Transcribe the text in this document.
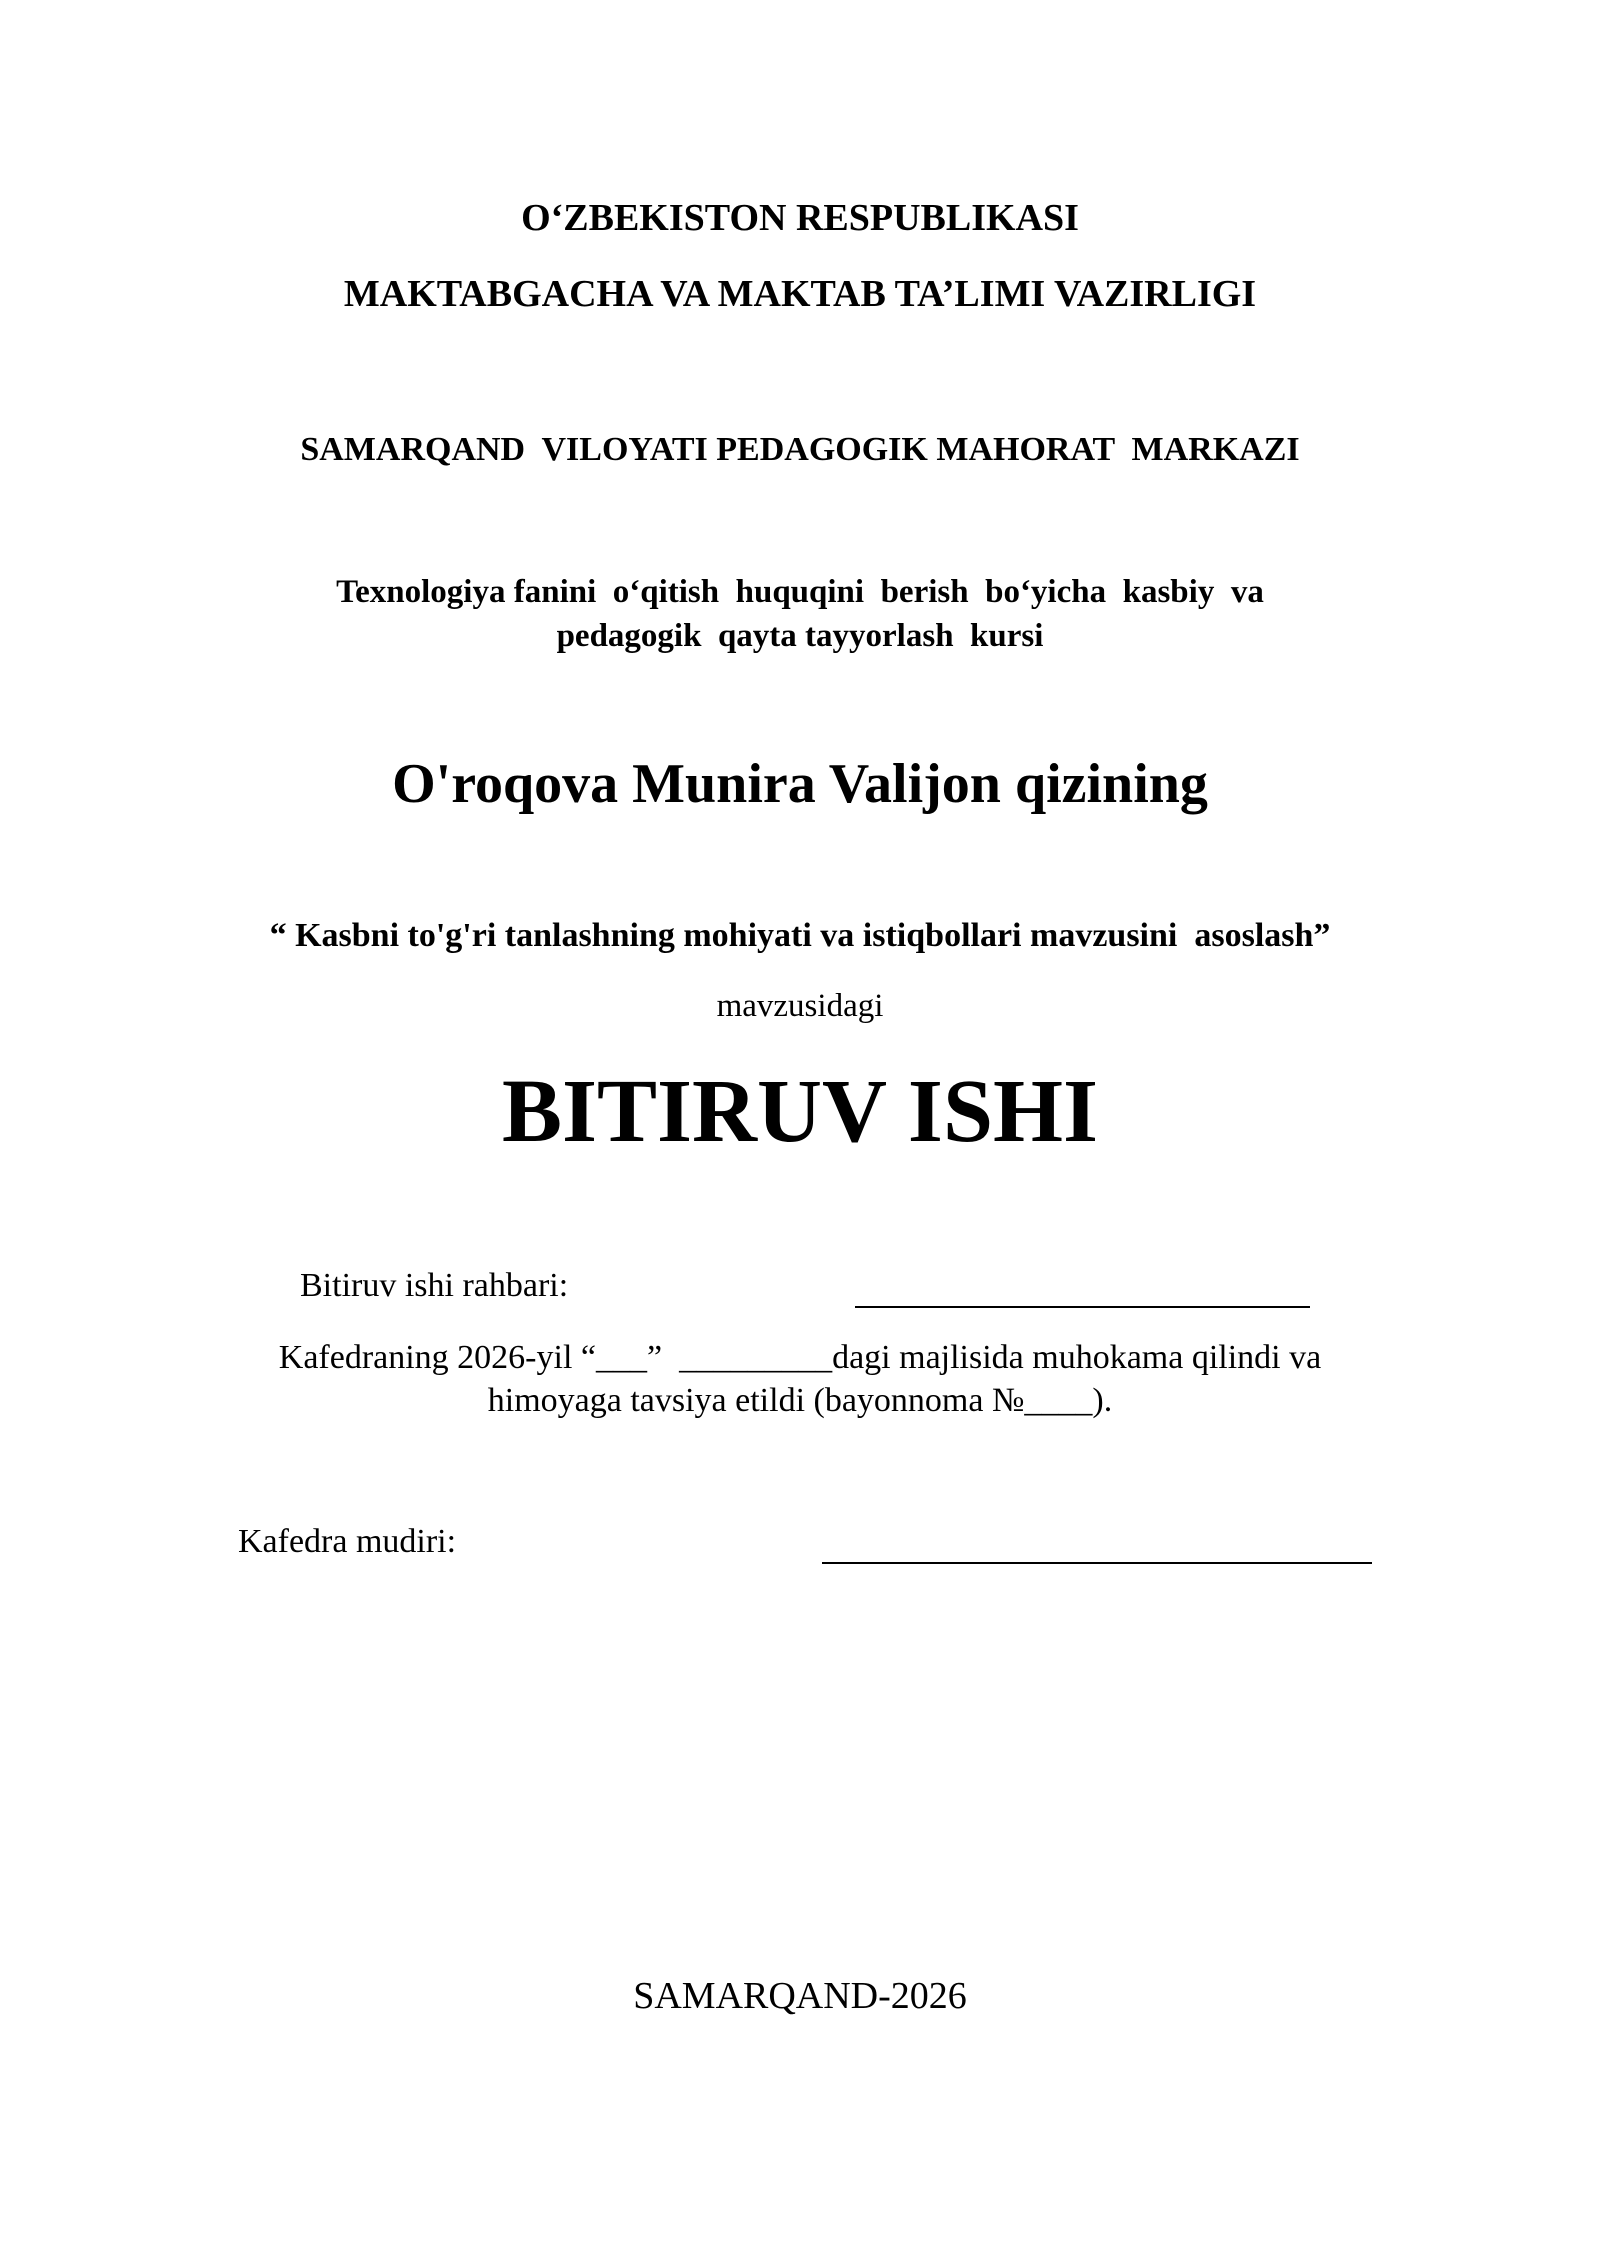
O‘ZBEKISTON RESPUBLIKASI
MAKTABGACHA VA MAKTAB TA’LIMI VAZIRLIGI
SAMARQAND  VILOYATI PEDAGOGIK MAHORAT  MARKAZI
Texnologiya fanini  o‘qitish  huquqini  berish  bo‘yicha  kasbiy  va
pedagogik  qayta tayyorlash  kursi
O'roqova Munira Valijon qizining
“ Kasbni to'g'ri tanlashning mohiyati va istiqbollari mavzusini  asoslash”
mavzusidagi
BITIRUV ISHI
Bitiruv ishi rahbari:
Kafedraning 2026-yil “___”  _________dagi majlisida muhokama qilindi va
himoyaga tavsiya etildi (bayonnoma №____).
Kafedra mudiri:
SAMARQAND-2026
